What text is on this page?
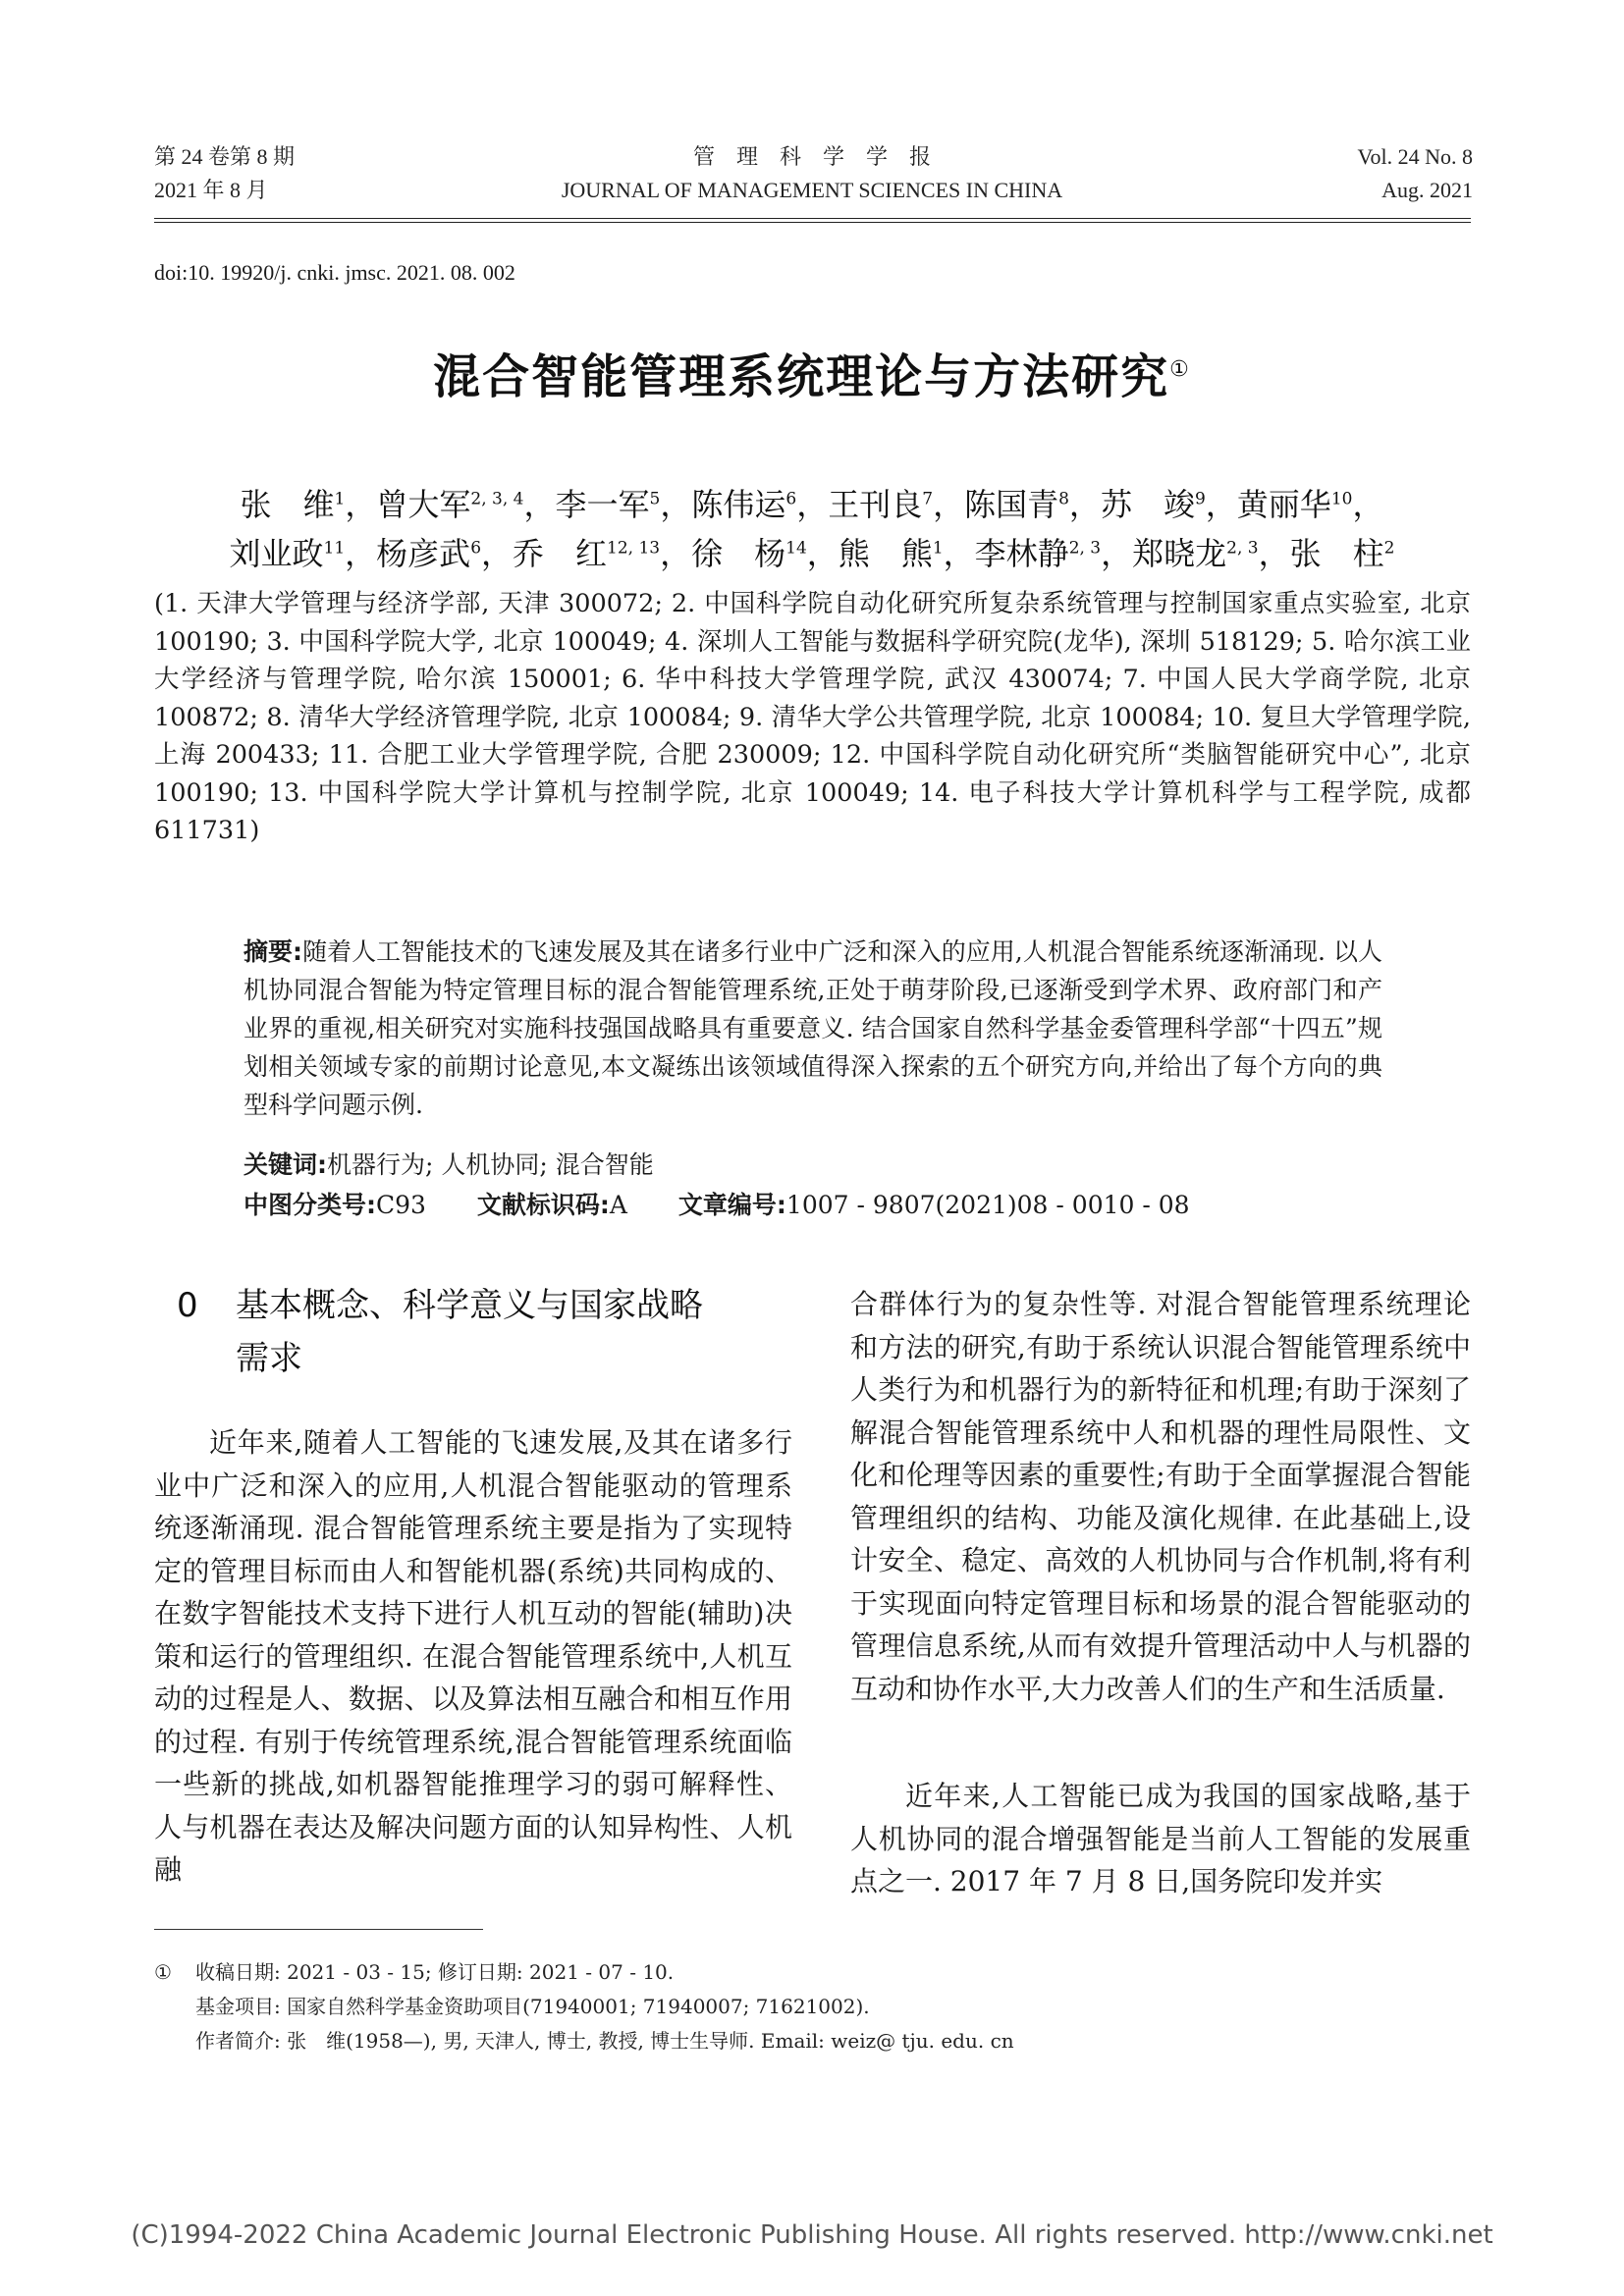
第 24 卷第 8 期
2021 年 8 月
管　理　科　学　学　报
JOURNAL OF MANAGEMENT SCIENCES IN CHINA
Vol. 24 No. 8
Aug. 2021
doi:10. 19920/j. cnki. jmsc. 2021. 08. 002
混合智能管理系统理论与方法研究①
张　维$^1$，曾大军$^{2, 3, 4}$，李一军$^5$，陈伟运$^6$，王刊良$^7$，陈国青$^8$，苏　竣$^9$，黄丽华$^{10}$，
刘业政$^{11}$，杨彦武$^6$，乔　红$^{12, 13}$，徐　杨$^{14}$，熊　熊$^1$，李林静$^{2, 3}$，郑晓龙$^{2, 3}$，张　柱$^2$
(1. 天津大学管理与经济学部, 天津 300072; 2. 中国科学院自动化研究所复杂系统管理与控制国家重点实验室, 北京 100190; 3. 中国科学院大学, 北京 100049; 4. 深圳人工智能与数据科学研究院(龙华), 深圳 518129; 5. 哈尔滨工业大学经济与管理学院, 哈尔滨 150001; 6. 华中科技大学管理学院, 武汉 430074; 7. 中国人民大学商学院, 北京 100872; 8. 清华大学经济管理学院, 北京 100084; 9. 清华大学公共管理学院, 北京 100084; 10. 复旦大学管理学院, 上海 200433; 11. 合肥工业大学管理学院, 合肥 230009; 12. 中国科学院自动化研究所“类脑智能研究中心”, 北京 100190; 13. 中国科学院大学计算机与控制学院, 北京 100049; 14. 电子科技大学计算机科学与工程学院, 成都 611731)
摘要:随着人工智能技术的飞速发展及其在诸多行业中广泛和深入的应用,人机混合智能系统逐渐涌现. 以人机协同混合智能为特定管理目标的混合智能管理系统,正处于萌芽阶段,已逐渐受到学术界、政府部门和产业界的重视,相关研究对实施科技强国战略具有重要意义. 结合国家自然科学基金委管理科学部“十四五”规划相关领域专家的前期讨论意见,本文凝练出该领域值得深入探索的五个研究方向,并给出了每个方向的典型科学问题示例.
关键词:机器行为; 人机协同; 混合智能
中图分类号:C93 文献标识码:A 文章编号:1007 - 9807(2021)08 - 0010 - 08
0 基本概念、科学意义与国家战略
需求
近年来,随着人工智能的飞速发展,及其在诸多行业中广泛和深入的应用,人机混合智能驱动的管理系统逐渐涌现. 混合智能管理系统主要是指为了实现特定的管理目标而由人和智能机器(系统)共同构成的、在数字智能技术支持下进行人机互动的智能(辅助)决策和运行的管理组织. 在混合智能管理系统中,人机互动的过程是人、数据、以及算法相互融合和相互作用的过程. 有别于传统管理系统,混合智能管理系统面临一些新的挑战,如机器智能推理学习的弱可解释性、人与机器在表达及解决问题方面的认知异构性、人机融
合群体行为的复杂性等. 对混合智能管理系统理论和方法的研究,有助于系统认识混合智能管理系统中人类行为和机器行为的新特征和机理;有助于深刻了解混合智能管理系统中人和机器的理性局限性、文化和伦理等因素的重要性;有助于全面掌握混合智能管理组织的结构、功能及演化规律. 在此基础上,设计安全、稳定、高效的人机协同与合作机制,将有利于实现面向特定管理目标和场景的混合智能驱动的管理信息系统,从而有效提升管理活动中人与机器的互动和协作水平,大力改善人们的生产和生活质量.
近年来,人工智能已成为我国的国家战略,基于人机协同的混合增强智能是当前人工智能的发展重点之一. 2017 年 7 月 8 日,国务院印发并实
① 收稿日期: 2021 - 03 - 15; 修订日期: 2021 - 07 - 10.
基金项目: 国家自然科学基金资助项目(71940001; 71940007; 71621002).
作者简介: 张　维(1958—), 男, 天津人, 博士, 教授, 博士生导师. Email: weiz@ tju. edu. cn
(C)1994-2022 China Academic Journal Electronic Publishing House. All rights reserved. http://www.cnki.net
